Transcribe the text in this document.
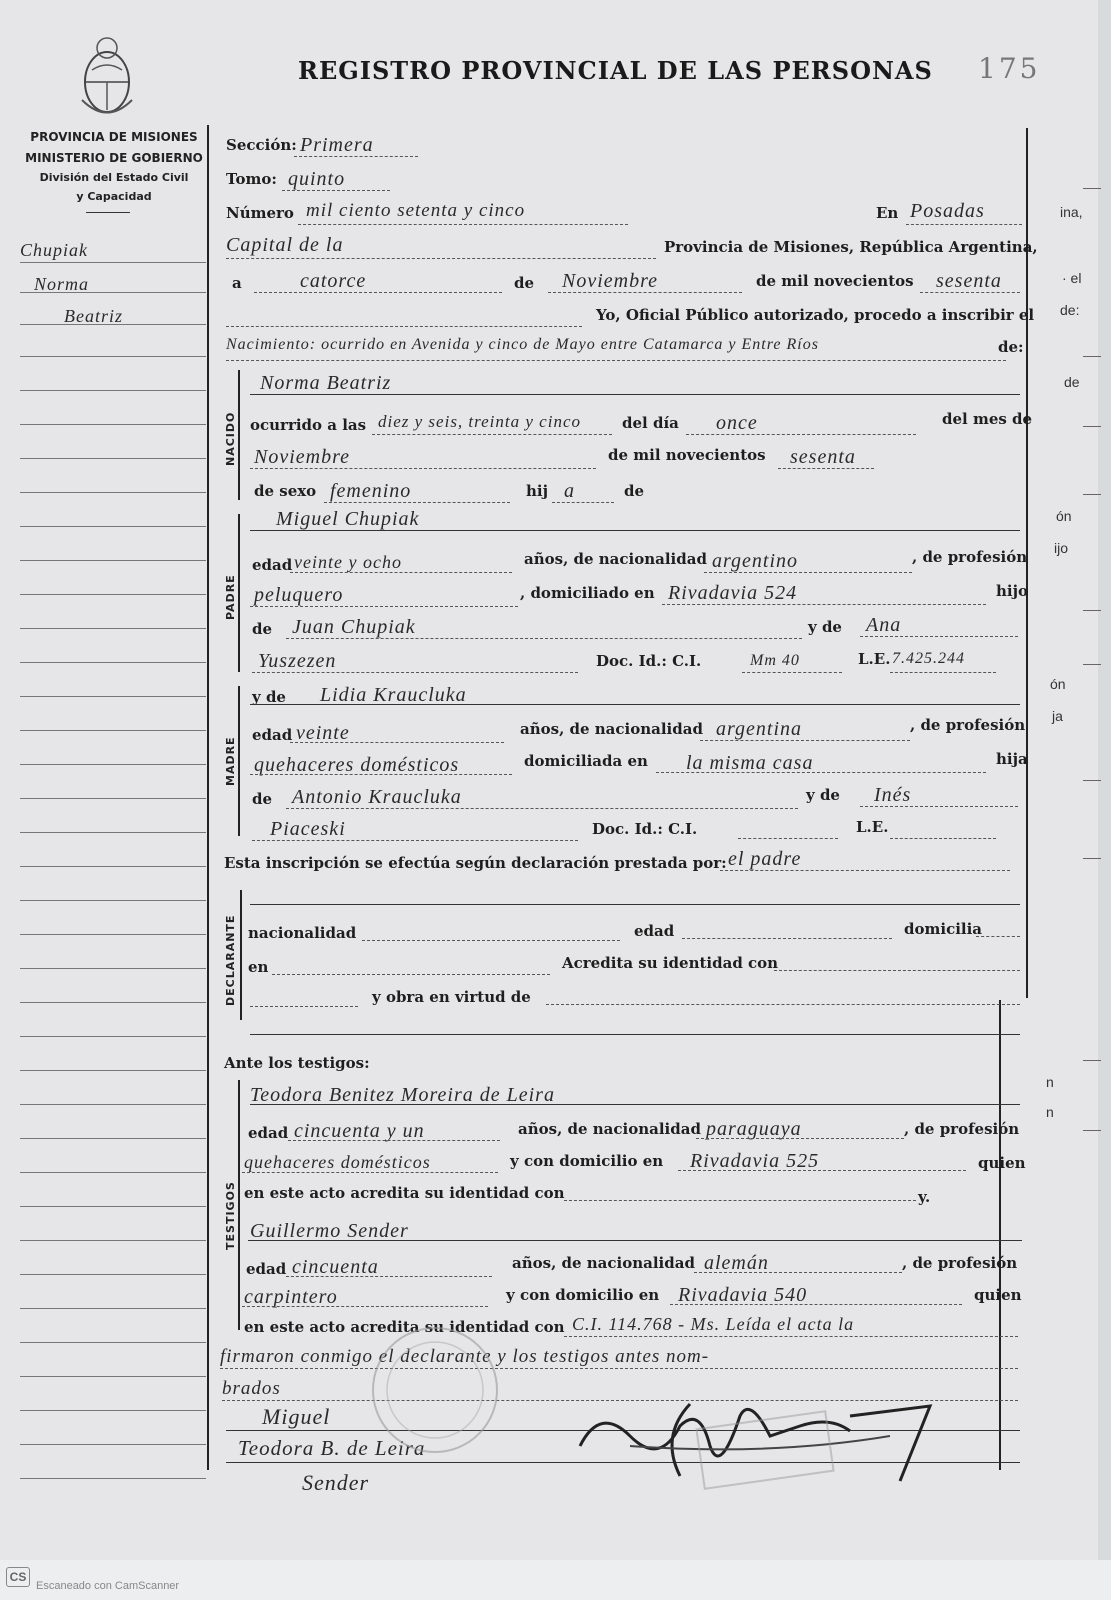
REGISTRO PROVINCIAL DE LAS PERSONAS 175
PROVINCIA DE MISIONES
MINISTERIO DE GOBIERNO
División del Estado Civil
y Capacidad
Chupiak
Norma
Beatriz
ina,
· el
de:
de
ón
ijo
ón
ja
n
n
Sección: Primera
Tomo: quinto
Número mil ciento setenta y cinco	En Posadas
Capital de la	Provincia de Misiones, República Argentina,
a	catorce	de Noviembre	de mil novecientos sesenta
Yo, Oficial Público autorizado, procedo a inscribir el
Nacimiento: ocurrido en Avenida y cinco de Mayo entre Catamarca y Entre Ríos	de:
NACIDO
Norma Beatriz
ocurrido a las diez y seis, treinta y cinco	del día once	del mes de
Noviembre	de mil novecientos sesenta
de sexo femenino	hij a	de
PADRE
Miguel Chupiak
edad veinte y ocho	años, de nacionalidad argentino	, de profesión
peluquero	, domiciliado en Rivadavia 524	hijo
de Juan Chupiak	y de Ana
Yuszezen	Doc. Id.: C.I.	Mm 40	L.E. 7.425.244
MADRE
y de Lidia Kraucluka
edad veinte	años, de nacionalidad argentina	, de profesión
quehaceres domésticos	domiciliada en la misma casa	hija
de Antonio Kraucluka	y de Inés
Piaceski	Doc. Id.: C.I.	L.E.
Esta inscripción se efectúa según declaración prestada por: el padre
DECLARANTE nacionalidad	edad	domicilia
en	Acredita su identidad con
y obra en virtud de
Ante los testigos:
TESTIGOS
Teodora Benitez Moreira de Leira
edad cincuenta y un	años, de nacionalidad paraguaya	, de profesión
quehaceres domésticos	y con domicilio en Rivadavia 525	quien
en este acto acredita su identidad con	y.
Guillermo Sender
edad cincuenta	años, de nacionalidad alemán	, de profesión
carpintero	y con domicilio en Rivadavia 540	quien
en este acto acredita su identidad con C.I. 114.768 - Ms. Leída el acta la
firmaron conmigo el declarante y los testigos antes nom-
brados
Miguel
Teodora B. de Leira
Sender
CS
Escaneado con CamScanner
